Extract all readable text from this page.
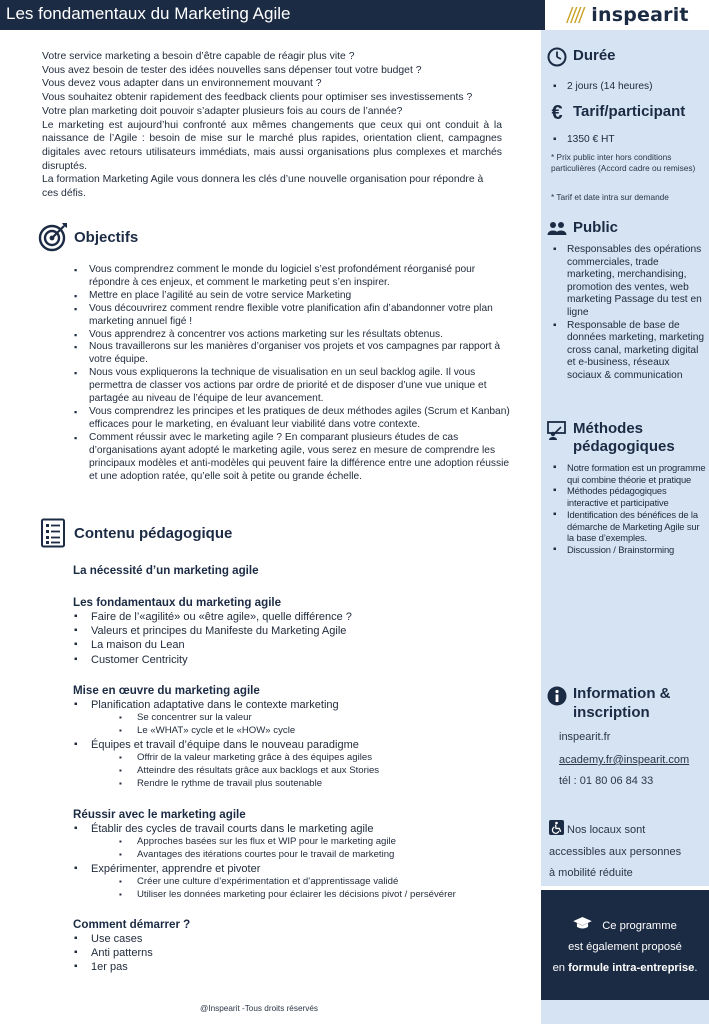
Les fondamentaux du Marketing Agile	inspearit
Votre service marketing a besoin d’être capable de réagir plus vite ?
Vous avez besoin de tester des idées nouvelles sans dépenser tout votre budget ?
Vous devez vous adapter dans un environnement mouvant ?
Vous souhaitez obtenir rapidement des feedback clients pour optimiser ses investissements ?
Votre plan marketing doit pouvoir s’adapter plusieurs fois au cours de l’année?
Le marketing est aujourd’hui confronté aux mêmes changements que ceux qui ont conduit à la naissance de l’Agile : besoin de mise sur le marché plus rapides, orientation client, campagnes digitales avec retours utilisateurs immédiats, mais aussi organisations plus complexes et marchés disruptés.
La formation Marketing Agile vous donnera les clés d’une nouvelle organisation pour répondre à ces défis.
Objectifs
▪ Vous comprendrez comment le monde du logiciel s’est profondément réorganisé pour répondre à ces enjeux, et comment le marketing peut s’en inspirer.
▪ Mettre en place l’agilité au sein de votre service Marketing
▪ Vous découvrirez comment rendre flexible votre planification afin d’abandonner votre plan marketing annuel figé !
▪ Vous apprendrez à concentrer vos actions marketing sur les résultats obtenus.
▪ Nous travaillerons sur les manières d’organiser vos projets et vos campagnes par rapport à votre équipe.
▪ Nous vous expliquerons la technique de visualisation en un seul backlog agile. Il vous permettra de classer vos actions par ordre de priorité et de disposer d’une vue unique et partagée au niveau de l’équipe de leur avancement.
▪ Vous comprendrez les principes et les pratiques de deux méthodes agiles (Scrum et Kanban) efficaces pour le marketing, en évaluant leur viabilité dans votre contexte.
▪ Comment réussir avec le marketing agile ? En comparant plusieurs études de cas d’organisations ayant adopté le marketing agile, vous serez en mesure de comprendre les principaux modèles et anti-modèles qui peuvent faire la différence entre une adoption réussie et une adoption ratée, qu’elle soit à petite ou grande échelle.
Contenu pédagogique
La nécessité d’un marketing agile
Les fondamentaux du marketing agile
▪ Faire de l’«agilité» ou «être agile», quelle différence ?
▪ Valeurs et principes du Manifeste du Marketing Agile
▪ La maison du Lean
▪ Customer Centricity
Mise en œuvre du marketing agile
▪ Planification adaptative dans le contexte marketing
▪ Se concentrer sur la valeur
▪ Le «WHAT» cycle et le «HOW» cycle
▪ Équipes et travail d’équipe dans le nouveau paradigme
▪ Offrir de la valeur marketing grâce à des équipes agiles
▪ Atteindre des résultats grâce aux backlogs et aux Stories
▪ Rendre le rythme de travail plus soutenable
Réussir avec le marketing agile
▪ Établir des cycles de travail courts dans le marketing agile
▪ Approches basées sur les flux et WIP pour le marketing agile
▪ Avantages des itérations courtes pour le travail de marketing
▪ Expérimenter, apprendre et pivoter
▪ Créer une culture d’expérimentation et d’apprentissage validé
▪ Utiliser les données marketing pour éclairer les décisions pivot / persévérer
Comment démarrer ?
▪ Use cases
▪ Anti patterns
▪ 1er pas
@Inspearit -Tous droits réservés
Durée
▪ 2 jours (14 heures)
€ Tarif/participant
▪ 1350 € HT
* Prix public inter hors conditions particulières (Accord cadre ou remises)
* Tarif et date intra sur demande
Public
▪ Responsables des opérations commerciales, trade marketing, merchandising, promotion des ventes, web marketing Passage du test en ligne
▪ Responsable de base de données marketing, marketing cross canal, marketing digital et e-business, réseaux sociaux & communication
Méthodes
pédagogiques
▪ Notre formation est un programme qui combine théorie et pratique
▪ Méthodes pédagogiques interactive et participative
▪ Identification des bénéfices de la démarche de Marketing Agile sur la base d’exemples.
▪ Discussion / Brainstorming
Information &
inscription
inspearit.fr
academy.fr@inspearit.com
tél : 01 80 06 84 33
Nos locaux sont
accessibles aux personnes
à mobilité réduite
Ce programme
est également proposé
en formule intra-entreprise.
